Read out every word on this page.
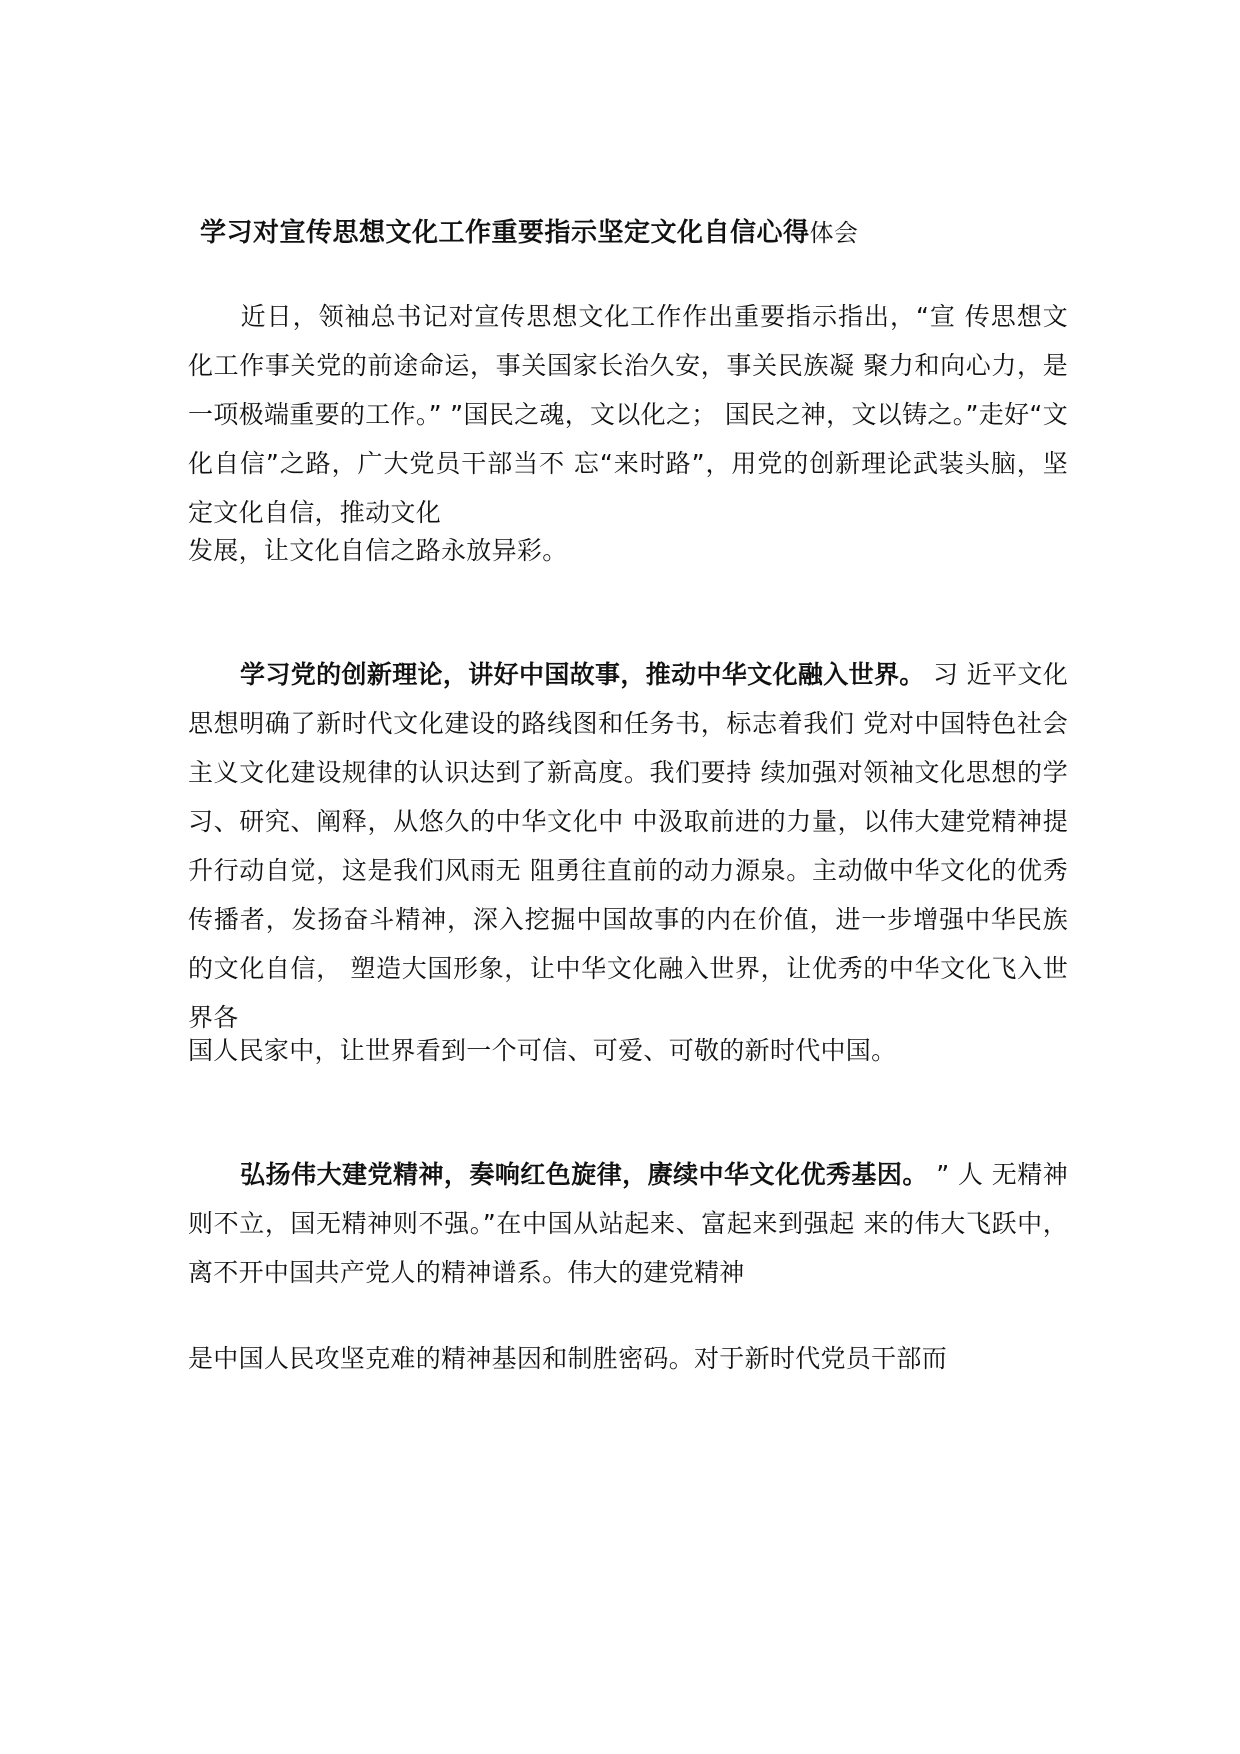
学习对宣传思想文化工作重要指示坚定文化自信心得体会
近日，领袖总书记对宣传思想文化工作作出重要指示指出，“宣 传思想文化工作事关党的前途命运，事关国家长治久安，事关民族凝 聚力和向心力，是一项极端重要的工作。” ”国民之魂，文以化之； 国民之神，文以铸之。”走好“文化自信”之路，广大党员干部当不 忘“来时路”，用党的创新理论武装头脑，坚定文化自信，推动文化
发展，让文化自信之路永放异彩。
学习党的创新理论，讲好中国故事，推动中华文化融入世界。 习 近平文化思想明确了新时代文化建设的路线图和任务书，标志着我们 党对中国特色社会主义文化建设规律的认识达到了新高度。我们要持 续加强对领袖文化思想的学习、研究、阐释，从悠久的中华文化中 中汲取前进的力量，以伟大建党精神提升行动自觉，这是我们风雨无 阻勇往直前的动力源泉。主动做中华文化的优秀传播者，发扬奋斗精神，深入挖掘中国故事的内在价值，进一步增强中华民族的文化自信， 塑造大国形象，让中华文化融入世界，让优秀的中华文化飞入世界各
国人民家中，让世界看到一个可信、可爱、可敬的新时代中国。
弘扬伟大建党精神，奏响红色旋律，赓续中华文化优秀基因。 ” 人 无精神则不立，国无精神则不强。”在中国从站起来、富起来到强起 来的伟大飞跃中，离不开中国共产党人的精神谱系。伟大的建党精神
是中国人民攻坚克难的精神基因和制胜密码。对于新时代党员干部而
